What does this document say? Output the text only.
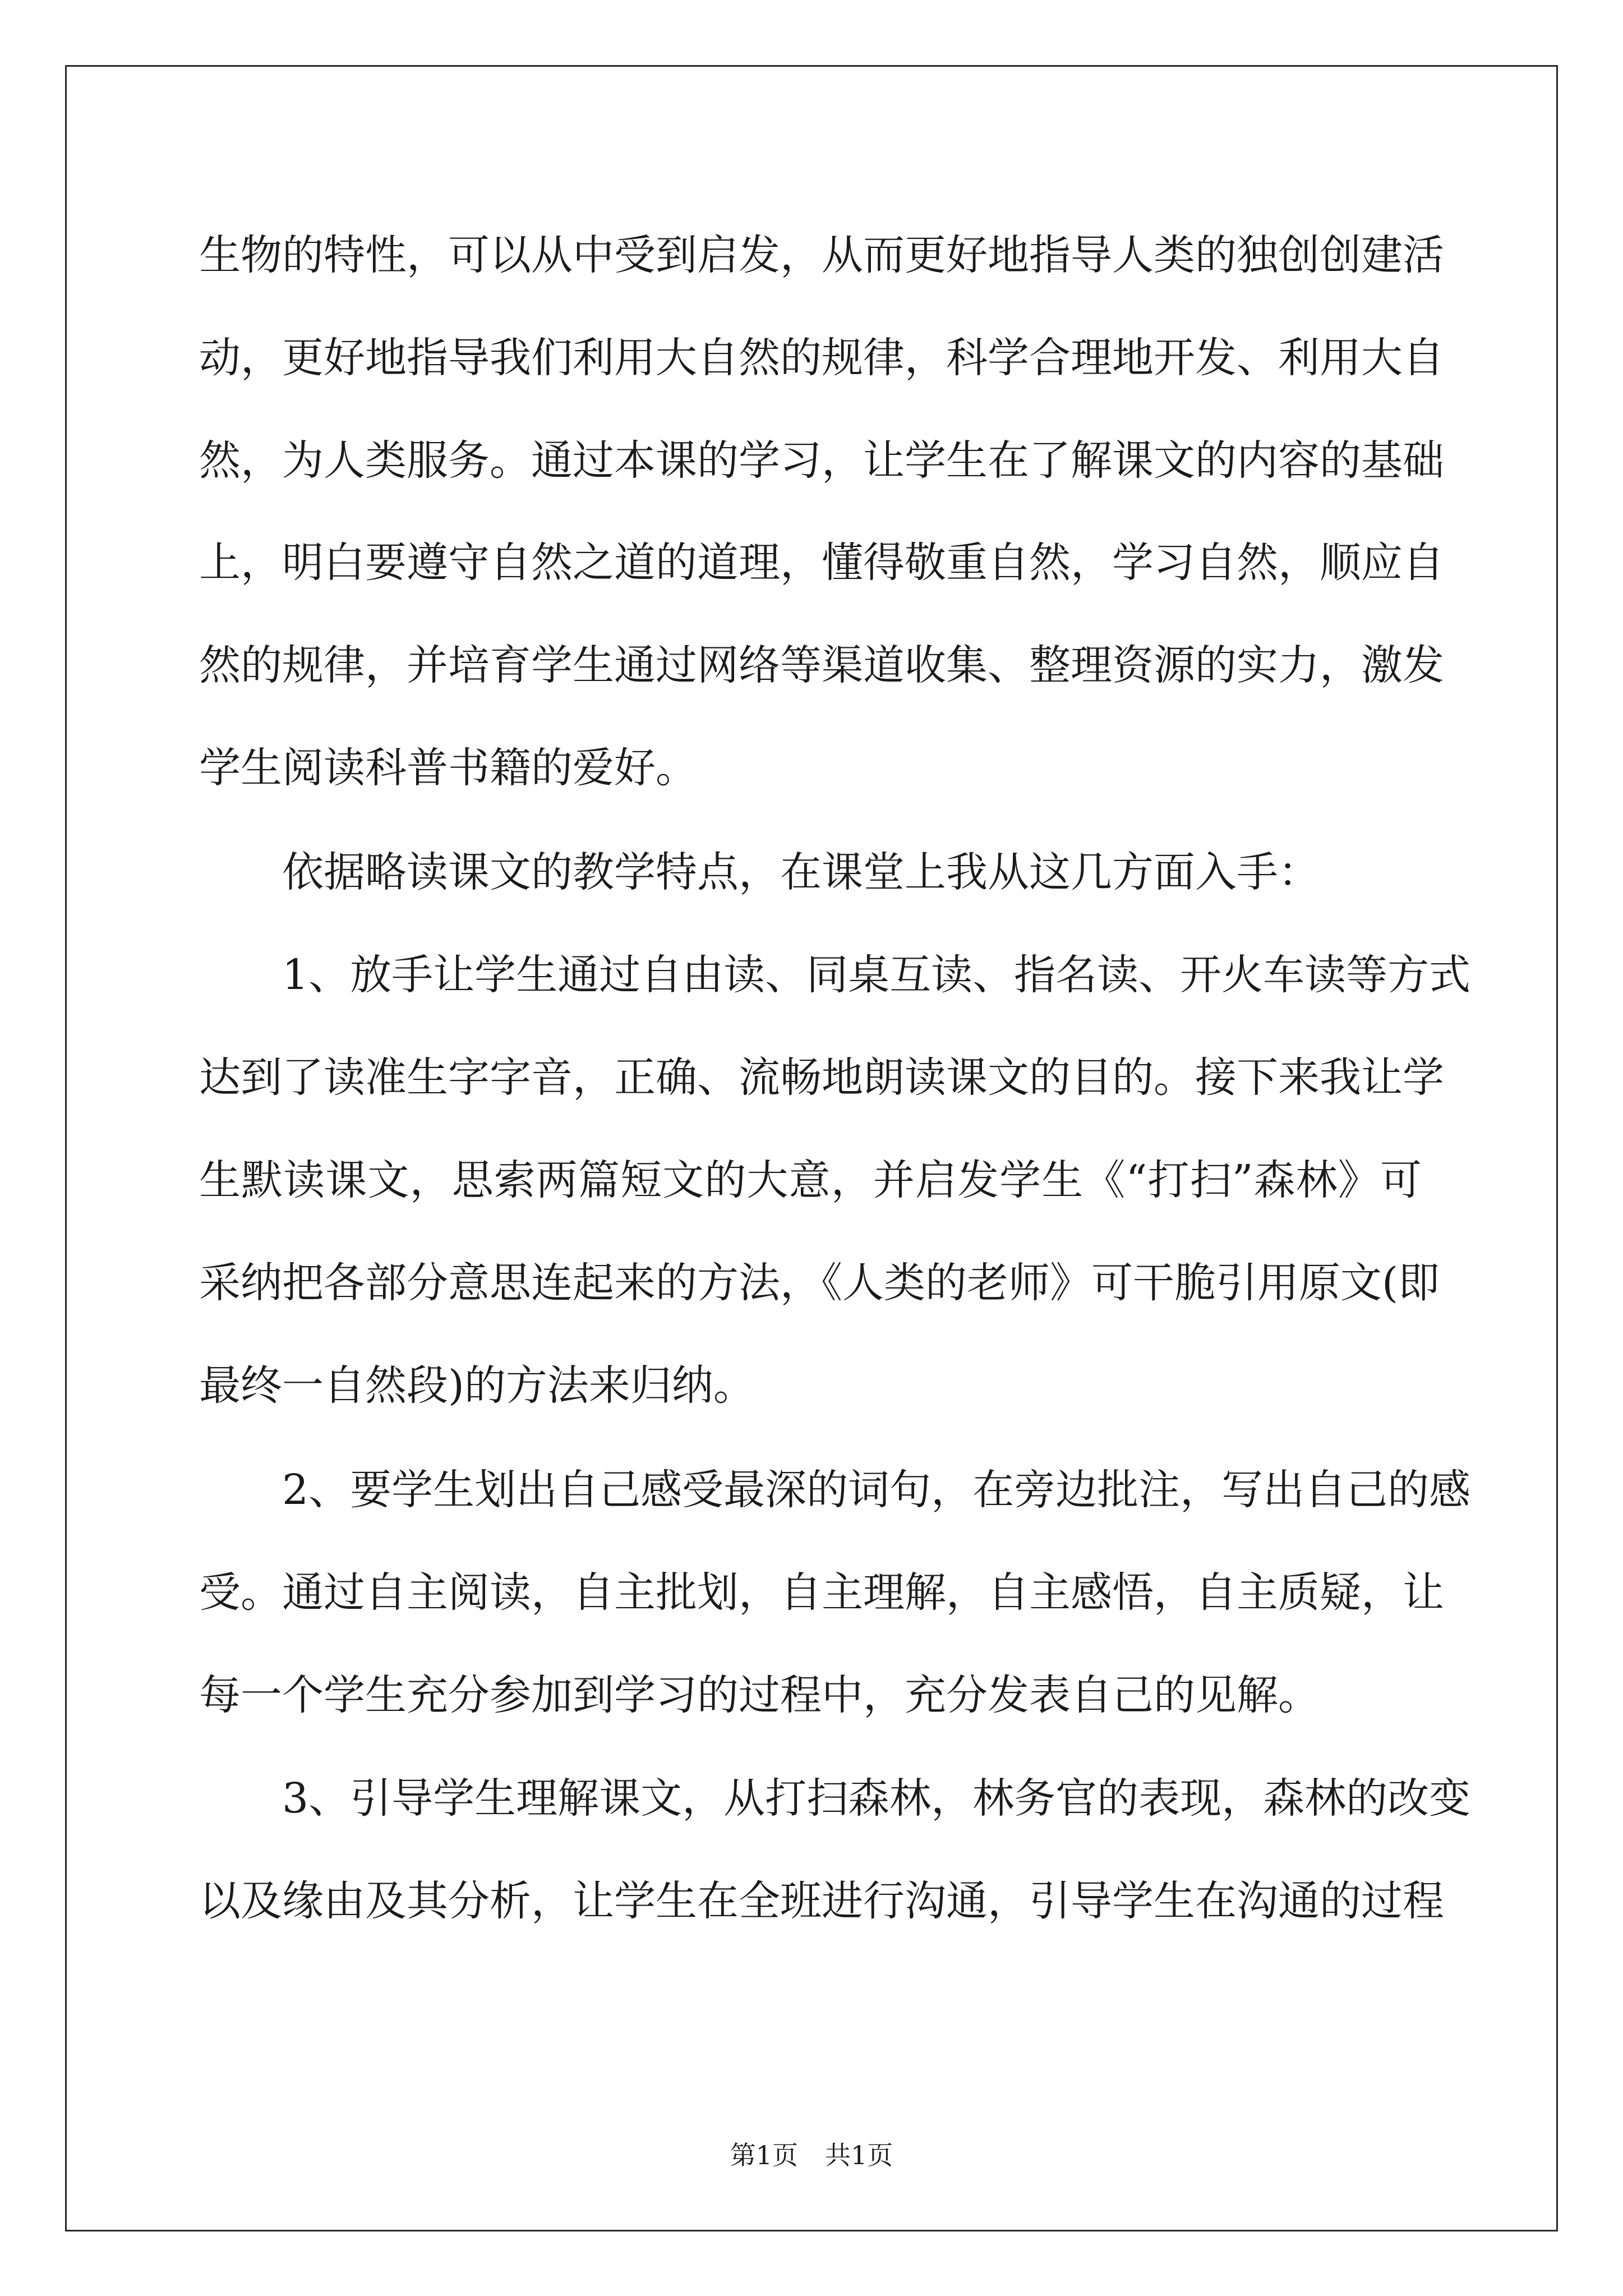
生物的特性，可以从中受到启发，从而更好地指导人类的独创创建活
动，更好地指导我们利用大自然的规律，科学合理地开发、利用大自
然，为人类服务。通过本课的学习，让学生在了解课文的内容的基础
上，明白要遵守自然之道的道理，懂得敬重自然，学习自然，顺应自
然的规律，并培育学生通过网络等渠道收集、整理资源的实力，激发
学生阅读科普书籍的爱好。
依据略读课文的教学特点，在课堂上我从这几方面入手：
1、放手让学生通过自由读、同桌互读、指名读、开火车读等方式
达到了读准生字字音，正确、流畅地朗读课文的目的。接下来我让学
生默读课文，思索两篇短文的大意，并启发学生《“打扫”森林》可
采纳把各部分意思连起来的方法，《人类的老师》可干脆引用原文(即
最终一自然段)的方法来归纳。
2、要学生划出自己感受最深的词句，在旁边批注，写出自己的感
受。通过自主阅读，自主批划，自主理解，自主感悟，自主质疑，让
每一个学生充分参加到学习的过程中，充分发表自己的见解。
3、引导学生理解课文，从打扫森林，林务官的表现，森林的改变
以及缘由及其分析，让学生在全班进行沟通，引导学生在沟通的过程
第1页 共1页
